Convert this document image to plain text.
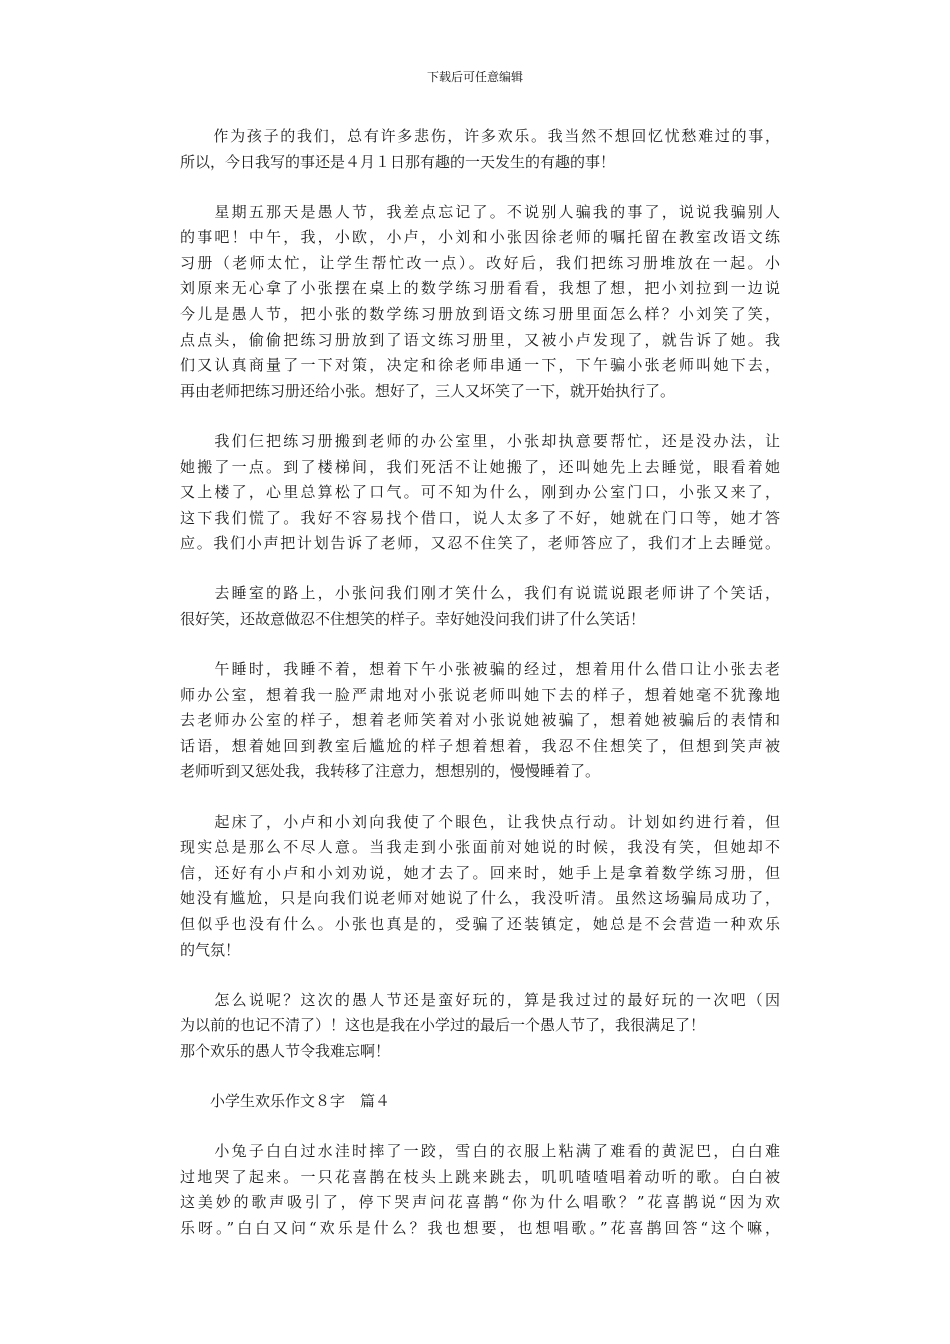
下载后可任意编辑
　　作为孩子的我们，总有许多悲伤，许多欢乐。我当然不想回忆忧愁难过的事，
所以，今日我写的事还是４月１日那有趣的一天发生的有趣的事！
　　星期五那天是愚人节，我差点忘记了。不说别人骗我的事了，说说我骗别人
的事吧！中午，我，小欧，小卢，小刘和小张因徐老师的嘱托留在教室改语文练
习册（老师太忙，让学生帮忙改一点）。改好后，我们把练习册堆放在一起。小
刘原来无心拿了小张摆在桌上的数学练习册看看，我想了想，把小刘拉到一边说
今儿是愚人节，把小张的数学练习册放到语文练习册里面怎么样？小刘笑了笑，
点点头，偷偷把练习册放到了语文练习册里，又被小卢发现了，就告诉了她。我
们又认真商量了一下对策，决定和徐老师串通一下，下午骗小张老师叫她下去，
再由老师把练习册还给小张。想好了，三人又坏笑了一下，就开始执行了。
　　我们仨把练习册搬到老师的办公室里，小张却执意要帮忙，还是没办法，让
她搬了一点。到了楼梯间，我们死活不让她搬了，还叫她先上去睡觉，眼看着她
又上楼了，心里总算松了口气。可不知为什么，刚到办公室门口，小张又来了，
这下我们慌了。我好不容易找个借口，说人太多了不好，她就在门口等，她才答
应。我们小声把计划告诉了老师，又忍不住笑了，老师答应了，我们才上去睡觉。
　　去睡室的路上，小张问我们刚才笑什么，我们有说谎说跟老师讲了个笑话，
很好笑，还故意做忍不住想笑的样子。幸好她没问我们讲了什么笑话！
　　午睡时，我睡不着，想着下午小张被骗的经过，想着用什么借口让小张去老
师办公室，想着我一脸严肃地对小张说老师叫她下去的样子，想着她毫不犹豫地
去老师办公室的样子，想着老师笑着对小张说她被骗了，想着她被骗后的表情和
话语，想着她回到教室后尴尬的样子想着想着，我忍不住想笑了，但想到笑声被
老师听到又惩处我，我转移了注意力，想想别的，慢慢睡着了。
　　起床了，小卢和小刘向我使了个眼色，让我快点行动。计划如约进行着，但
现实总是那么不尽人意。当我走到小张面前对她说的时候，我没有笑，但她却不
信，还好有小卢和小刘劝说，她才去了。回来时，她手上是拿着数学练习册，但
她没有尴尬，只是向我们说老师对她说了什么，我没听清。虽然这场骗局成功了，
但似乎也没有什么。小张也真是的，受骗了还装镇定，她总是不会营造一种欢乐
的气氛！
　　怎么说呢？这次的愚人节还是蛮好玩的，算是我过过的最好玩的一次吧（因
为以前的也记不清了）！这也是我在小学过的最后一个愚人节了，我很满足了！
那个欢乐的愚人节令我难忘啊！
　　小学生欢乐作文８字　篇４
　　小兔子白白过水洼时摔了一跤，雪白的衣服上粘满了难看的黄泥巴，白白难
过地哭了起来。一只花喜鹊在枝头上跳来跳去，叽叽喳喳唱着动听的歌。白白被
这美妙的歌声吸引了，停下哭声问花喜鹊“你为什么唱歌？”花喜鹊说“因为欢
乐呀。”白白又问“欢乐是什么？我也想要，也想唱歌。”花喜鹊回答“这个嘛，
